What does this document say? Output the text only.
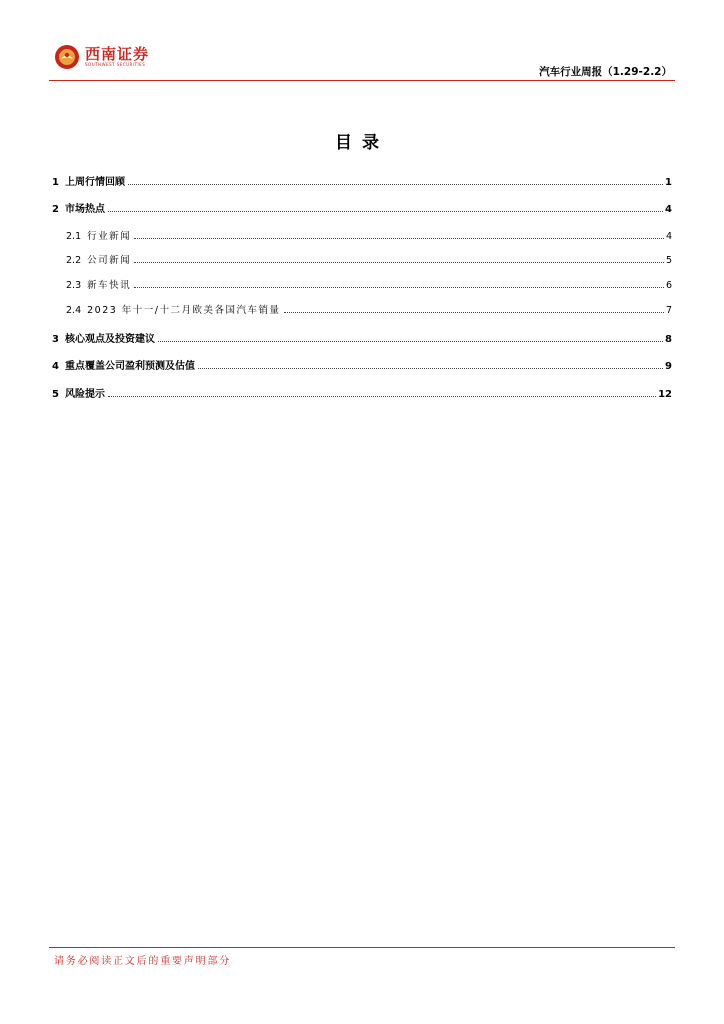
西南证券
SOUTHWEST SECURITIES
汽车行业周报（1.29-2.2）
目录
1 上周行情回顾	1
2 市场热点	4
2.1 行业新闻	4
2.2 公司新闻	5
2.3 新车快讯	6
2.4 2023 年十一/十二月欧美各国汽车销量	7
3 核心观点及投资建议	8
4 重点覆盖公司盈利预测及估值	9
5 风险提示	12
请务必阅读正文后的重要声明部分
